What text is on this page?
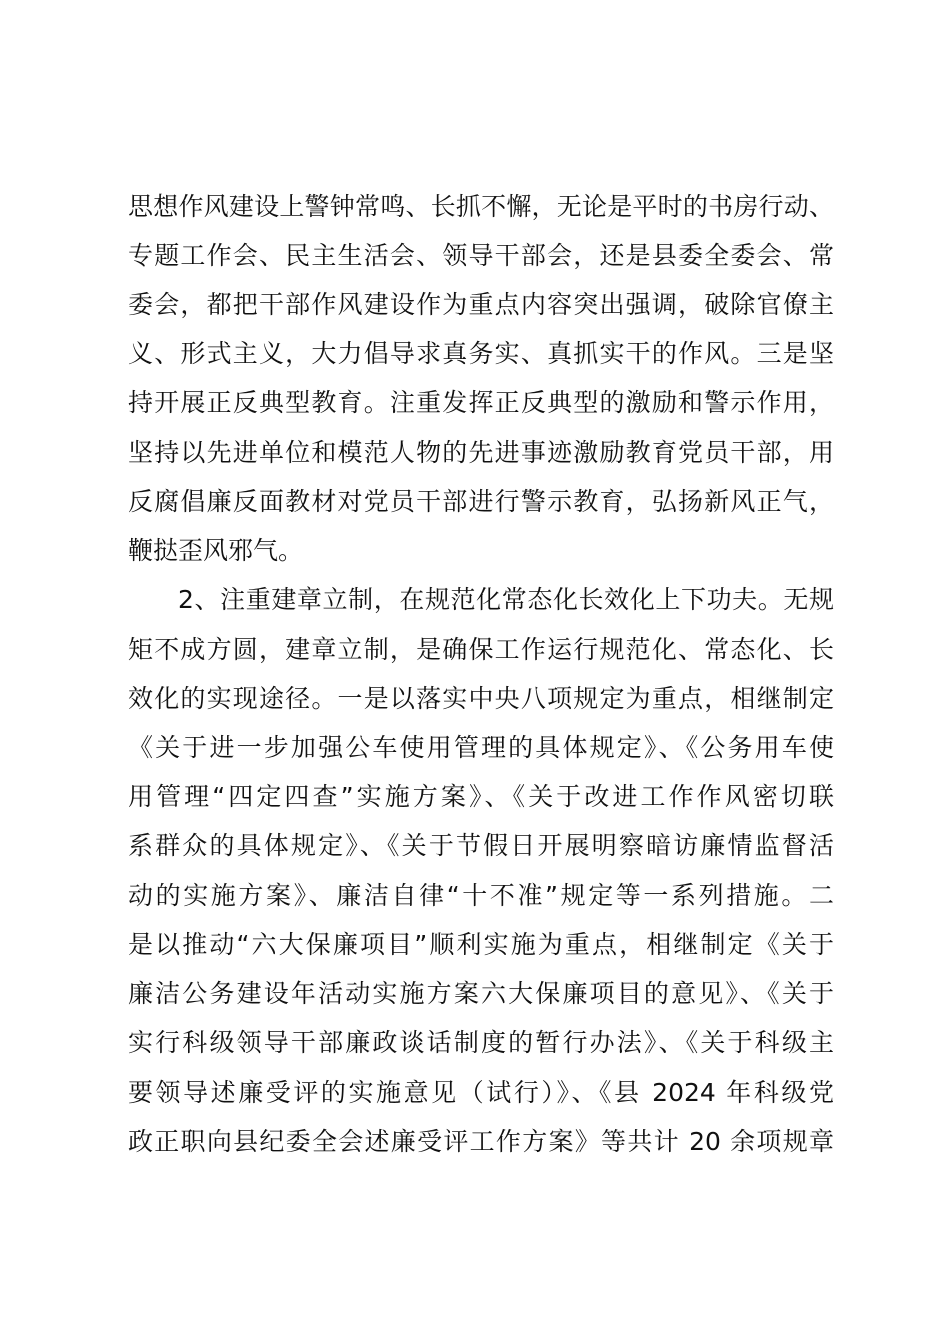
思想作风建设上警钟常鸣、长抓不懈，无论是平时的书房行动、
专题工作会、民主生活会、领导干部会，还是县委全委会、常
委会，都把干部作风建设作为重点内容突出强调，破除官僚主
义、形式主义，大力倡导求真务实、真抓实干的作风。三是坚
持开展正反典型教育。注重发挥正反典型的激励和警示作用，
坚持以先进单位和模范人物的先进事迹激励教育党员干部，用
反腐倡廉反面教材对党员干部进行警示教育，弘扬新风正气，
鞭挞歪风邪气。
2、注重建章立制，在规范化常态化长效化上下功夫。无规
矩不成方圆，建章立制，是确保工作运行规范化、常态化、长
效化的实现途径。一是以落实中央八项规定为重点，相继制定
《关于进一步加强公车使用管理的具体规定》、《公务用车使
用管理“四定四查”实施方案》、《关于改进工作作风密切联
系群众的具体规定》、《关于节假日开展明察暗访廉情监督活
动的实施方案》、廉洁自律“十不准”规定等一系列措施。二
是以推动“六大保廉项目”顺利实施为重点，相继制定《关于
廉洁公务建设年活动实施方案六大保廉项目的意见》、《关于
实行科级领导干部廉政谈话制度的暂行办法》、《关于科级主
要领导述廉受评的实施意见（试行）》、《县 2024 年科级党
政正职向县纪委全会述廉受评工作方案》等共计 20 余项规章
